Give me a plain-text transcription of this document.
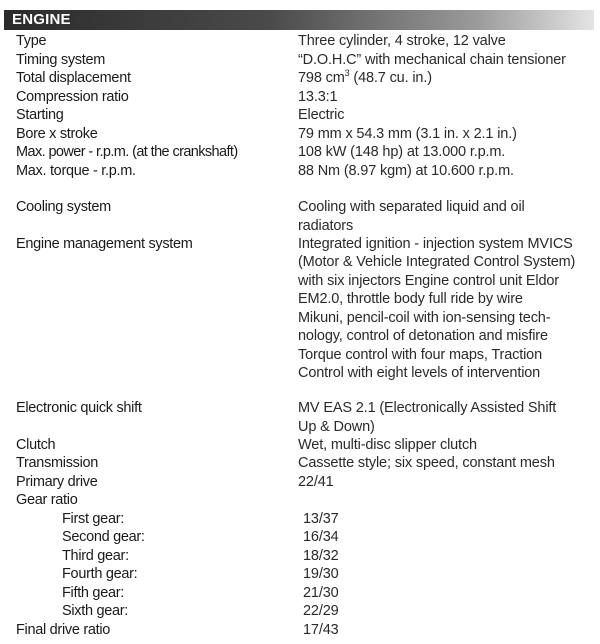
ENGINE
Type	Three cylinder, 4 stroke, 12 valve
Timing system	“D.O.H.C” with mechanical chain tensioner
Total displacement	798 $cm^3$ (48.7 cu. in.)
Compression ratio	13.3:1
Starting	Electric
Bore x stroke	79 mm x 54.3 mm (3.1 in. x 2.1 in.)
Max. power - r.p.m. (at the crankshaft)	108 kW (148 hp) at 13.000 r.p.m.
Max. torque - r.p.m.	88 Nm (8.97 kgm) at 10.600 r.p.m.
Cooling system	Cooling with separated liquid and oil
radiators
Engine management system	Integrated ignition - injection system MVICS
(Motor & Vehicle Integrated Control System)
with six injectors Engine control unit Eldor
EM2.0, throttle body full ride by wire
Mikuni, pencil-coil with ion-sensing tech-
nology, control of detonation and misfire
Torque control with four maps, Traction
Control with eight levels of intervention
Electronic quick shift	MV EAS 2.1 (Electronically Assisted Shift
Up & Down)
Clutch	Wet, multi-disc slipper clutch
Transmission	Cassette style; six speed, constant mesh
Primary drive	22/41
Gear ratio
First gear:	13/37
Second gear:	16/34
Third gear:	18/32
Fourth gear:	19/30
Fifth gear:	21/30
Sixth gear:	22/29
Final drive ratio	17/43
